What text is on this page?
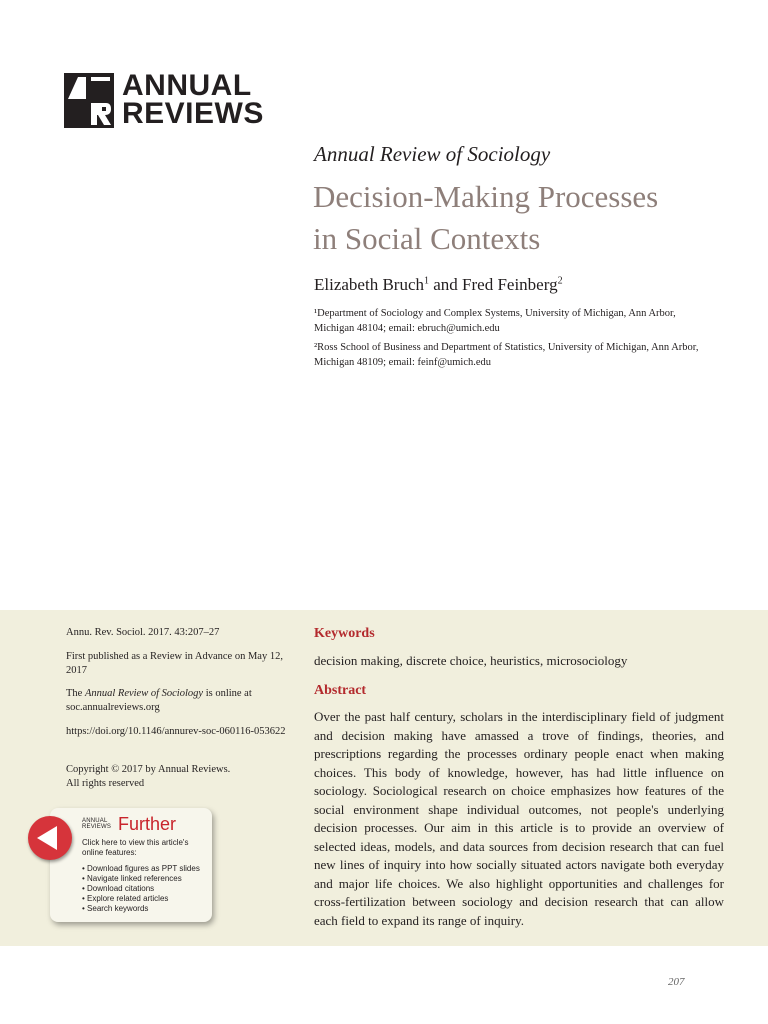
ANNUAL
REVIEWS
Annual Review of Sociology
Decision-Making Processes
in Social Contexts
Elizabeth Bruch$^1$ and Fred Feinberg$^2$
¹Department of Sociology and Complex Systems, University of Michigan, Ann Arbor, Michigan 48104; email: ebruch@umich.edu
²Ross School of Business and Department of Statistics, University of Michigan, Ann Arbor, Michigan 48109; email: feinf@umich.edu
Annu. Rev. Sociol. 2017. 43:207–27
First published as a Review in Advance on May 12, 2017
The Annual Review of Sociology is online at soc.annualreviews.org
https://doi.org/10.1146/annurev-soc-060116-053622
Copyright © 2017 by Annual Reviews.
All rights reserved
ANNUAL
REVIEWS Further
Click here to view this article's online features:
• Download figures as PPT slides
• Navigate linked references
• Download citations
• Explore related articles
• Search keywords
Keywords
decision making, discrete choice, heuristics, microsociology
Abstract
Over the past half century, scholars in the interdisciplinary field of judgment and decision making have amassed a trove of findings, theories, and prescriptions regarding the processes ordinary people enact when making choices. This body of knowledge, however, has had little influence on sociology. Sociological research on choice emphasizes how features of the social environment shape individual outcomes, not people's underlying decision processes. Our aim in this article is to provide an overview of selected ideas, models, and data sources from decision research that can fuel new lines of inquiry into how socially situated actors navigate both everyday and major life choices. We also highlight opportunities and challenges for cross-fertilization between sociology and decision research that can allow each field to expand its range of inquiry.
207
